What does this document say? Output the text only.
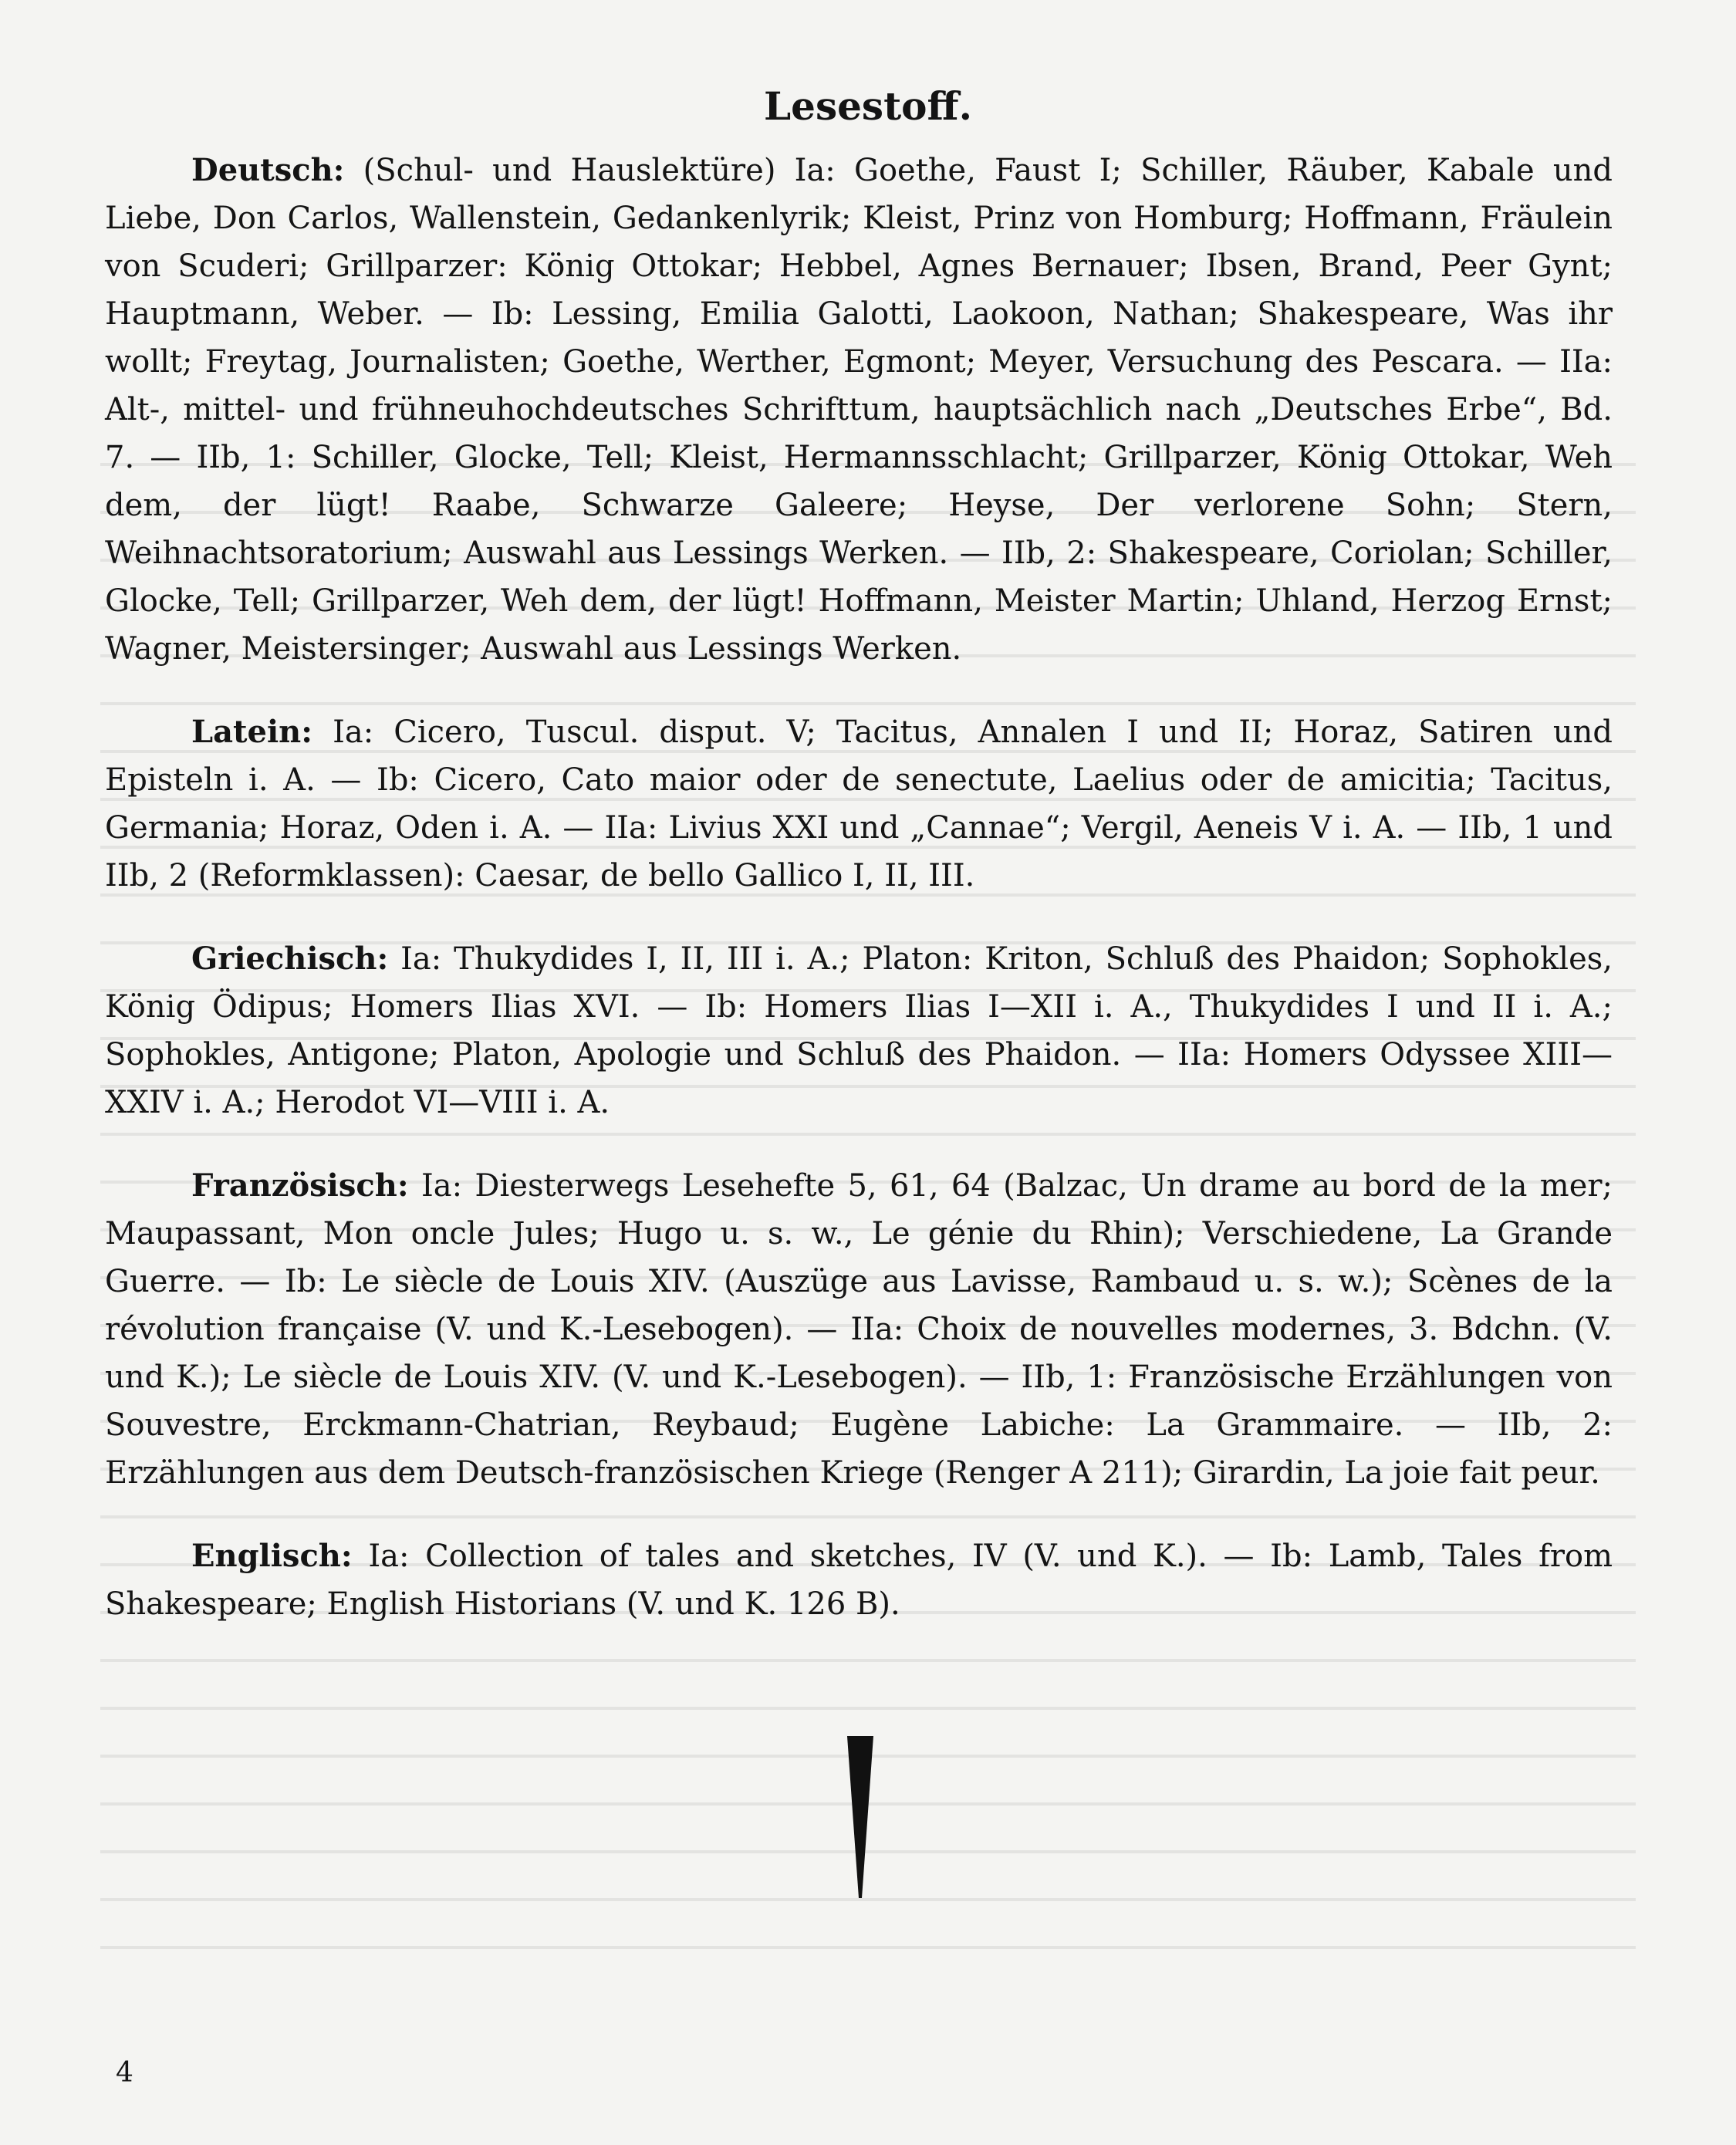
Lesestoff.

Deutsch: (Schul- und Hauslektüre) Ia: Goethe, Faust I; Schiller, Räuber, Kabale und Liebe, Don Carlos, Wallenstein, Gedankenlyrik; Kleist, Prinz von Homburg; Hoffmann, Fräulein von Scuderi; Grillparzer: König Ottokar; Hebbel, Agnes Bernauer; Ibsen, Brand, Peer Gynt; Hauptmann, Weber. — Ib: Lessing, Emilia Galotti, Laokoon, Nathan; Shakespeare, Was ihr wollt; Freytag, Journalisten; Goethe, Werther, Egmont; Meyer, Versuchung des Pescara. — IIa: Alt-, mittel- und frühneuhochdeutsches Schrifttum, hauptsächlich nach „Deutsches Erbe“, Bd. 7. — IIb, 1: Schiller, Glocke, Tell; Kleist, Hermannsschlacht; Grillparzer, König Ottokar, Weh dem, der lügt! Raabe, Schwarze Galeere; Heyse, Der verlorene Sohn; Stern, Weihnachtsoratorium; Auswahl aus Lessings Werken. — IIb, 2: Shakespeare, Coriolan; Schiller, Glocke, Tell; Grillparzer, Weh dem, der lügt! Hoffmann, Meister Martin; Uhland, Herzog Ernst; Wagner, Meistersinger; Auswahl aus Lessings Werken.

Latein: Ia: Cicero, Tuscul. disput. V; Tacitus, Annalen I und II; Horaz, Satiren und Episteln i. A. — Ib: Cicero, Cato maior oder de senectute, Laelius oder de amicitia; Tacitus, Germania; Horaz, Oden i. A. — IIa: Livius XXI und „Cannae“; Vergil, Aeneis V i. A. — IIb, 1 und IIb, 2 (Reformklassen): Caesar, de bello Gallico I, II, III.

Griechisch: Ia: Thukydides I, II, III i. A.; Platon: Kriton, Schluß des Phaidon; Sophokles, König Ödipus; Homers Ilias XVI. — Ib: Homers Ilias I—XII i. A., Thukydides I und II i. A.; Sophokles, Antigone; Platon, Apologie und Schluß des Phaidon. — IIa: Homers Odyssee XIII—XXIV i. A.; Herodot VI—VIII i. A.

Französisch: Ia: Diesterwegs Lesehefte 5, 61, 64 (Balzac, Un drame au bord de la mer; Maupassant, Mon oncle Jules; Hugo u. s. w., Le génie du Rhin); Verschiedene, La Grande Guerre. — Ib: Le siècle de Louis XIV. (Auszüge aus Lavisse, Rambaud u. s. w.); Scènes de la révolution française (V. und K.-Lesebogen). — IIa: Choix de nouvelles modernes, 3. Bdchn. (V. und K.); Le siècle de Louis XIV. (V. und K.-Lesebogen). — IIb, 1: Französische Erzählungen von Souvestre, Erckmann-Chatrian, Reybaud; Eugène Labiche: La Grammaire. — IIb, 2: Erzählungen aus dem Deutsch-französischen Kriege (Renger A 211); Girardin, La joie fait peur.

Englisch: Ia: Collection of tales and sketches, IV (V. und K.). — Ib: Lamb, Tales from Shakespeare; English Historians (V. und K. 126 B).

4
